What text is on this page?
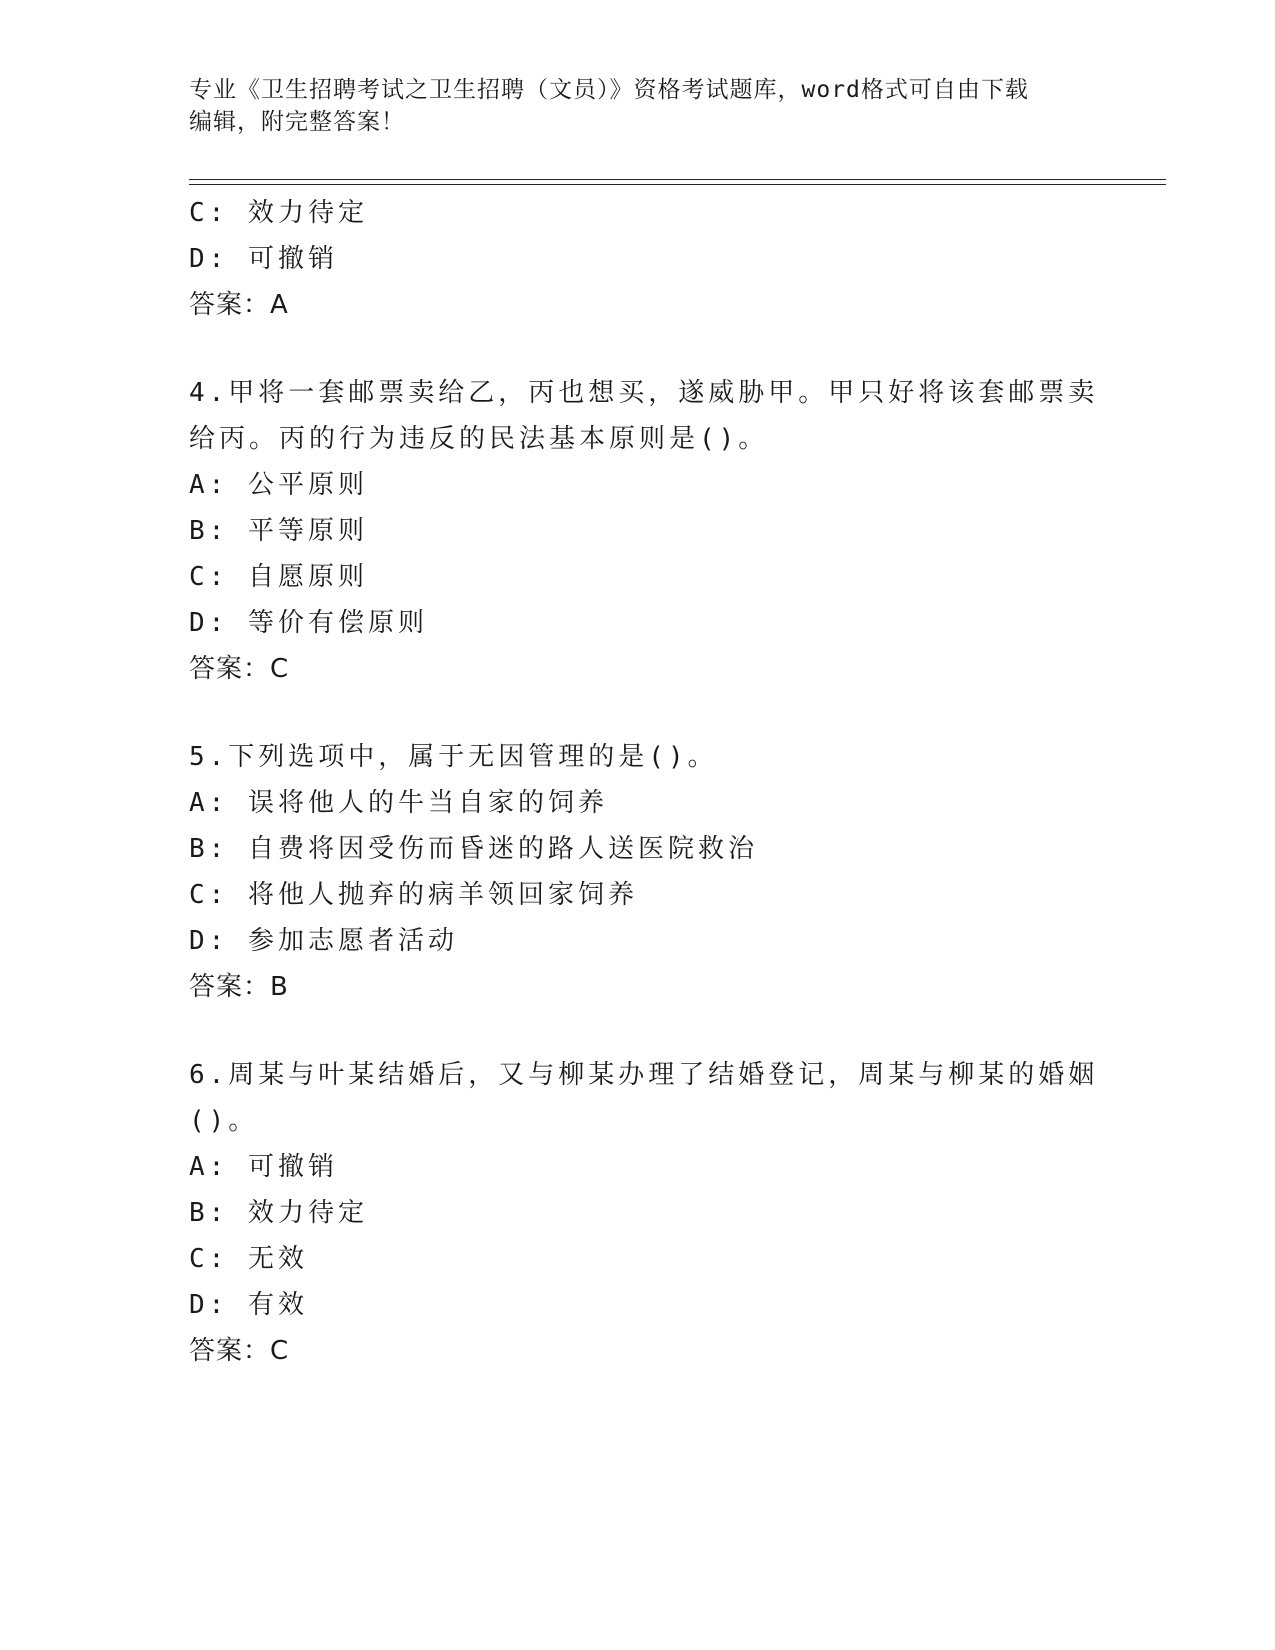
专业《卫生招聘考试之卫生招聘（文员）》资格考试题库，word格式可自由下载
编辑，附完整答案！
C: 效力待定
D: 可撤销
答案：A
4.甲将一套邮票卖给乙，丙也想买，遂威胁甲。甲只好将该套邮票卖
给丙。丙的行为违反的民法基本原则是()。
A: 公平原则
B: 平等原则
C: 自愿原则
D: 等价有偿原则
答案：C
5.下列选项中，属于无因管理的是()。
A: 误将他人的牛当自家的饲养
B: 自费将因受伤而昏迷的路人送医院救治
C: 将他人抛弃的病羊领回家饲养
D: 参加志愿者活动
答案：B
6.周某与叶某结婚后，又与柳某办理了结婚登记，周某与柳某的婚姻
()。
A: 可撤销
B: 效力待定
C: 无效
D: 有效
答案：C
